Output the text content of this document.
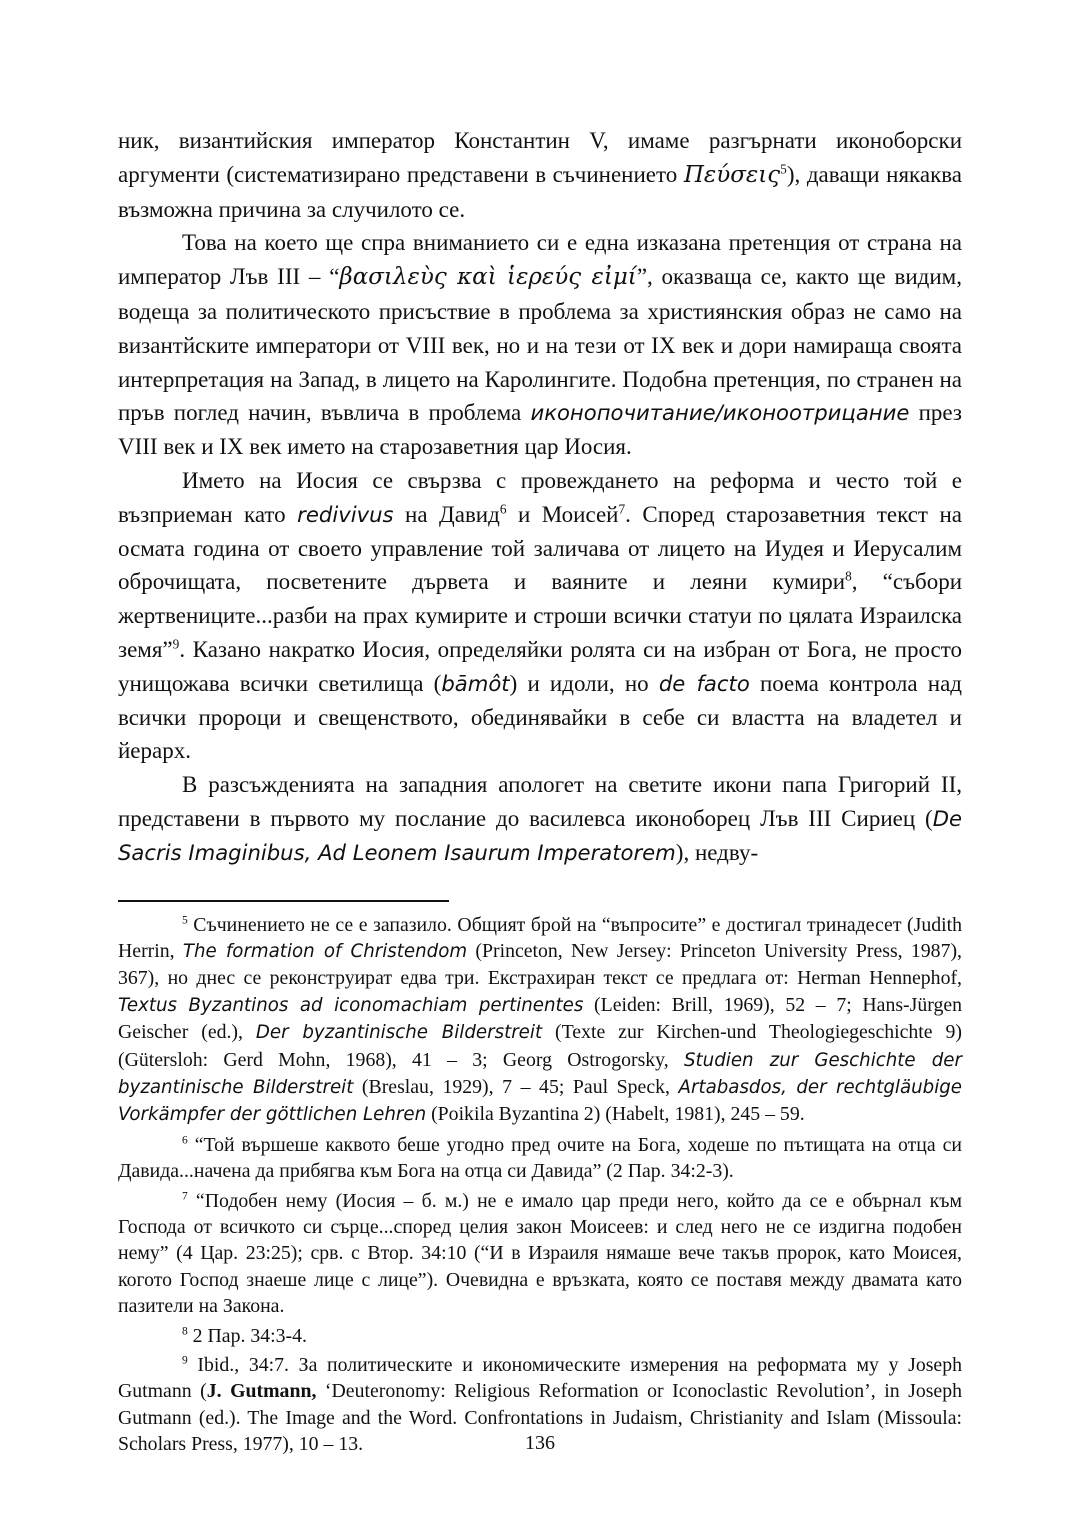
ник, византийския император Константин V, имаме разгърнати иконоборски аргументи (систематизирано представени в съчинението Πεύσεις$^5$), даващи някаква възможна причина за случилото се.

Това на което ще спра вниманието си е една изказана претенция от страна на император Лъв III – “βασιλεὺς καὶ ἱερεύς εἰμί”, оказваща се, както ще видим, водеща за политическото присъствие в проблема за християнския образ не само на византйските императори от VIII век, но и на тези от IX век и дори намираща своята интерпретация на Запад, в лицето на Каролингите. Подобна претенция, по странен на пръв поглед начин, въвлича в проблема иконопочитание/иконоотрицание през VIII век и IX век името на старозаветния цар Иосия.

Името на Иосия се свързва с провеждането на реформа и често той е възприеман като redivivus на Давид$^6$ и Моисей$^7$. Според старозаветния текст на осмата година от своето управление той заличава от лицето на Иудея и Иерусалим оброчищата, посветените дървета и ваяните и леяни кумири$^8$, “събори жертвениците...разби на прах кумирите и строши всички статуи по цялата Израилска земя”$^9$. Казано накратко Иосия, определяйки ролята си на избран от Бога, не просто унищожава всички светилища (bāmôt) и идоли, но de facto поема контрола над всички пророци и свещенството, обединявайки в себе си властта на владетел и йерарх.

В разсъжденията на западния апологет на светите икони папа Григорий II, представени в първото му послание до василевса иконоборец Лъв III Сириец (De Sacris Imaginibus, Ad Leonem Isaurum Imperatorem), недву-

$^5$ Съчинението не се е запазило. Общият брой на “въпросите” е достигал тринадесет (Judith Herrin, The formation of Christendom (Princeton, New Jersey: Princeton University Press, 1987), 367), но днес се реконструират едва три. Екстрахиран текст се предлага от: Herman Hennephof, Textus Byzantinos ad iconomachiam pertinentes (Leiden: Brill, 1969), 52 – 7; Hans-Jürgen Geischer (ed.), Der byzantinische Bilderstreit (Texte zur Kirchen-und Theologiegeschichte 9) (Gütersloh: Gerd Mohn, 1968), 41 – 3; Georg Ostrogorsky, Studien zur Geschichte der byzantinische Bilderstreit (Breslau, 1929), 7 – 45; Paul Speck, Artabasdos, der rechtgläubige Vorkämpfer der göttlichen Lehren (Poikila Byzantina 2) (Habelt, 1981), 245 – 59.

$^6$ “Той вършеше каквото беше угодно пред очите на Бога, ходеше по пътищата на отца си Давида...начена да прибягва към Бога на отца си Давида” (2 Пар. 34:2-3).

$^7$ “Подобен нему (Иосия – б. м.) не е имало цар преди него, който да се е обърнал към Господа от всичкото си сърце...според целия закон Моисеев: и след него не се издигна подобен нему” (4 Цар. 23:25); срв. с Втор. 34:10 (“И в Израиля нямаше вече такъв пророк, като Моисея, когото Господ знаеше лице с лице”). Очевидна е връзката, която се поставя между двамата като пазители на Закона.

$^8$ 2 Пар. 34:3-4.

$^9$ Ibid., 34:7. За политическите и икономическите измерения на реформата му у Joseph Gutmann (J. Gutmann, ‘Deuteronomy: Religious Reformation or Iconoclastic Revolution’, in Joseph Gutmann (ed.). The Image and the Word. Confrontations in Judaism, Christianity and Islam (Missoula: Scholars Press, 1977), 10 – 13.	136
